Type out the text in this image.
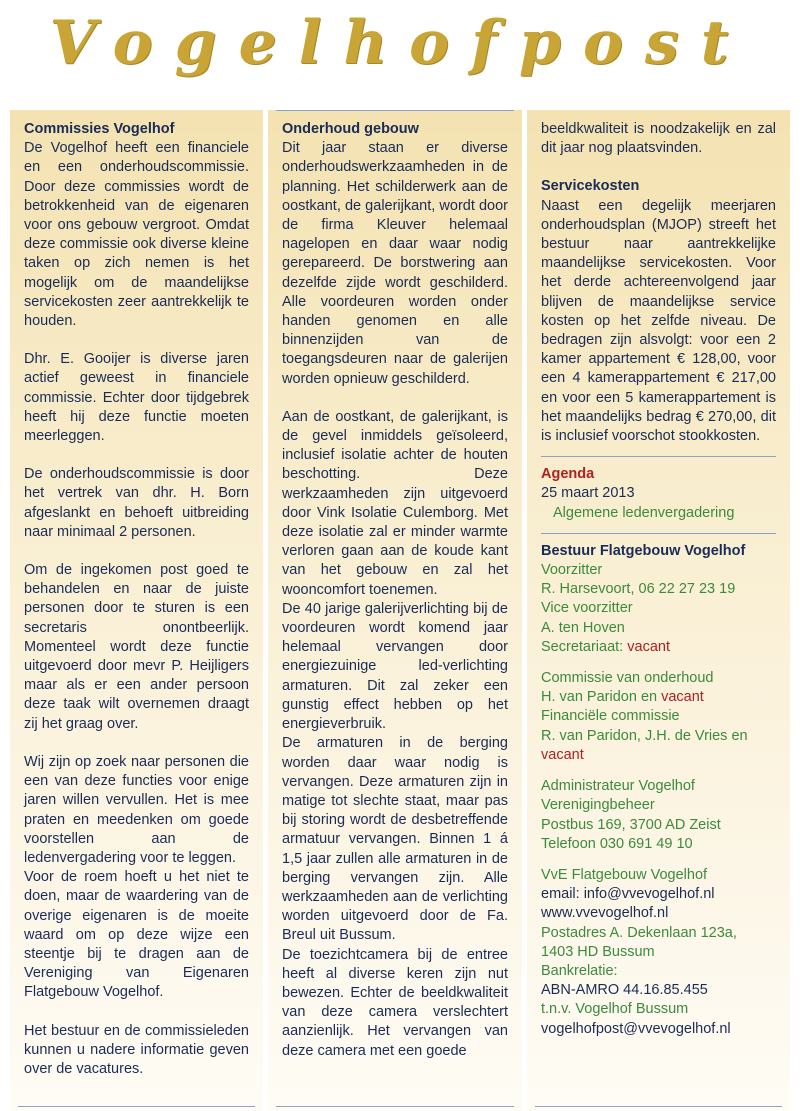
Vogelhofpost
Commissies Vogelhof

De Vogelhof heeft een financiele en een onderhoudscommissie. Door deze commissies wordt de betrokkenheid van de eigenaren voor ons gebouw vergroot. Omdat deze commissie ook diverse kleine taken op zich nemen is het mogelijk om de maandelijkse servicekosten zeer aantrekkelijk te houden.

Dhr. E. Gooijer is diverse jaren actief geweest in financiele commissie. Echter door tijdgebrek heeft hij deze functie moeten meerleggen.

De onderhoudscommissie is door het vertrek van dhr. H. Born afgeslankt en behoeft uitbreiding naar minimaal 2 personen.

Om de ingekomen post goed te behandelen en naar de juiste personen door te sturen is een secretaris onontbeerlijk. Momenteel wordt deze functie uitgevoerd door mevr P. Heijligers maar als er een ander persoon deze taak wilt overnemen draagt zij het graag over.

Wij zijn op zoek naar personen die een van deze functies voor enige jaren willen vervullen. Het is mee praten en meedenken om goede voorstellen aan de ledenvergadering voor te leggen.

Voor de roem hoeft u het niet te doen, maar de waardering van de overige eigenaren is de moeite waard om op deze wijze een steentje bij te dragen aan de Vereniging van Eigenaren Flatgebouw Vogelhof.

Het bestuur en de commissieleden kunnen u nadere informatie geven over de vacatures.

Onderhoud gebouw

Dit jaar staan er diverse onderhoudswerkzaamheden in de planning. Het schilderwerk aan de oostkant, de galerijkant, wordt door de firma Kleuver helemaal nagelopen en daar waar nodig gerepareerd. De borstwering aan dezelfde zijde wordt geschilderd. Alle voordeuren worden onder handen genomen en alle binnenzijden van de toegangsdeuren naar de galerijen worden opnieuw geschilderd.

Aan de oostkant, de galerijkant, is de gevel inmiddels geïsoleerd, inclusief isolatie achter de houten beschotting. Deze werkzaamheden zijn uitgevoerd door Vink Isolatie Culemborg. Met deze isolatie zal er minder warmte verloren gaan aan de koude kant van het gebouw en zal het wooncomfort toenemen.

De 40 jarige galerijverlichting bij de voordeuren wordt komend jaar helemaal vervangen door energiezuinige led-verlichting armaturen. Dit zal zeker een gunstig effect hebben op het energieverbruik.

De armaturen in de berging worden daar waar nodig is vervangen. Deze armaturen zijn in matige tot slechte staat, maar pas bij storing wordt de desbetreffende armatuur vervangen. Binnen 1 á 1,5 jaar zullen alle armaturen in de berging vervangen zijn. Alle werkzaamheden aan de verlichting worden uitgevoerd door de Fa. Breul uit Bussum.

De toezichtcamera bij de entree heeft al diverse keren zijn nut bewezen. Echter de beeldkwaliteit van deze camera verslechtert aanzienlijk. Het vervangen van deze camera met een goede

beeldkwaliteit is noodzakelijk en zal dit jaar nog plaatsvinden.

Servicekosten

Naast een degelijk meerjaren onderhoudsplan (MJOP) streeft het bestuur naar aantrekkelijke maandelijkse servicekosten. Voor het derde achtereenvolgend jaar blijven de maandelijkse service kosten op het zelfde niveau. De bedragen zijn alsvolgt: voor een 2 kamer appartement € 128,00, voor een 4 kamerappartement € 217,00 en voor een 5 kamerappartement is het maandelijks bedrag € 270,00, dit is inclusief voorschot stookkosten.

Agenda
25 maart 2013
Algemene ledenvergadering
Bestuur Flatgebouw Vogelhof
Voorzitter
R. Harsevoort, 06 22 27 23 19
Vice voorzitter
A. ten Hoven
Secretariaat: vacant
Commissie van onderhoud
H. van Paridon en vacant
Financiële commissie
R. van Paridon, J.H. de Vries en
vacant
Administrateur Vogelhof
Verenigingbeheer
Postbus 169, 3700 AD Zeist
Telefoon 030 691 49 10
VvE Flatgebouw Vogelhof
email: info@vvevogelhof.nl
www.vvevogelhof.nl
Postadres A. Dekenlaan 123a,
1403 HD Bussum
Bankrelatie:
ABN-AMRO 44.16.85.455
t.n.v. Vogelhof Bussum
vogelhofpost@vvevogelhof.nl
